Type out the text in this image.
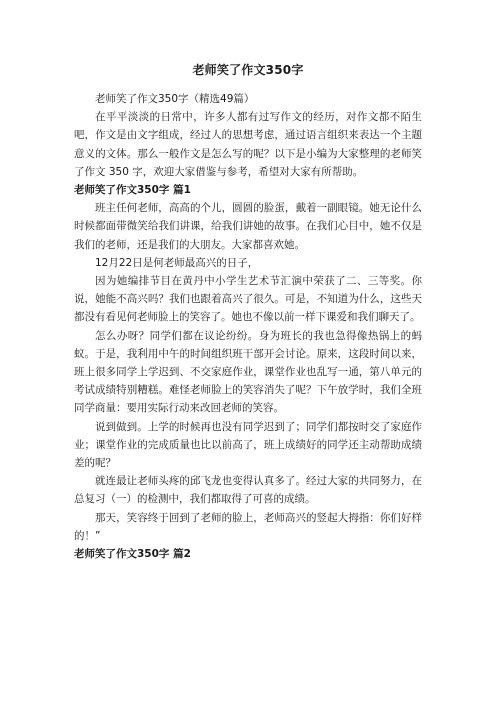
老师笑了作文350字

老师笑了作文350字（精选49篇）

在平平淡淡的日常中，许多人都有过写作文的经历，对作文都不陌生吧，作文是由文字组成，经过人的思想考虑，通过语言组织来表达一个主题意义的文体。那么一般作文是怎么写的呢？以下是小编为大家整理的老师笑了作文 350 字，欢迎大家借鉴与参考，希望对大家有所帮助。

老师笑了作文350字 篇1

班主任何老师，高高的个儿，圆圆的脸蛋，戴着一副眼镜。她无论什么时候都面带微笑给我们讲课，给我们讲她的故事。在我们心目中，她不仅是我们的老师，还是我们的大朋友。大家都喜欢她。

12月22日是何老师最高兴的日子，

因为她编排节目在黄丹中小学生艺术节汇演中荣获了二、三等奖。你说，她能不高兴吗？我们也跟着高兴了很久。可是，不知道为什么，这些天都没有看见何老师脸上的笑容了。她也不像以前一样下课爱和我们聊天了。

怎么办呀？同学们都在议论纷纷。身为班长的我也急得像热锅上的蚂蚁。于是，我利用中午的时间组织班干部开会讨论。原来，这段时间以来，班上很多同学上学迟到、不交家庭作业，课堂作业也乱写一通，第八单元的考试成绩特别糟糕。难怪老师脸上的笑容消失了呢？下午放学时，我们全班同学商量：要用实际行动来改回老师的笑容。

说到做到。上学的时候再也没有同学迟到了；同学们都按时交了家庭作业；课堂作业的完成质量也比以前高了，班上成绩好的同学还主动帮助成绩差的呢？

就连最让老师头疼的邱飞龙也变得认真多了。经过大家的共同努力，在总复习（一）的检测中，我们都取得了可喜的成绩。

那天，笑容终于回到了老师的脸上，老师高兴的竖起大拇指：你们好样的！”

老师笑了作文350字 篇2
